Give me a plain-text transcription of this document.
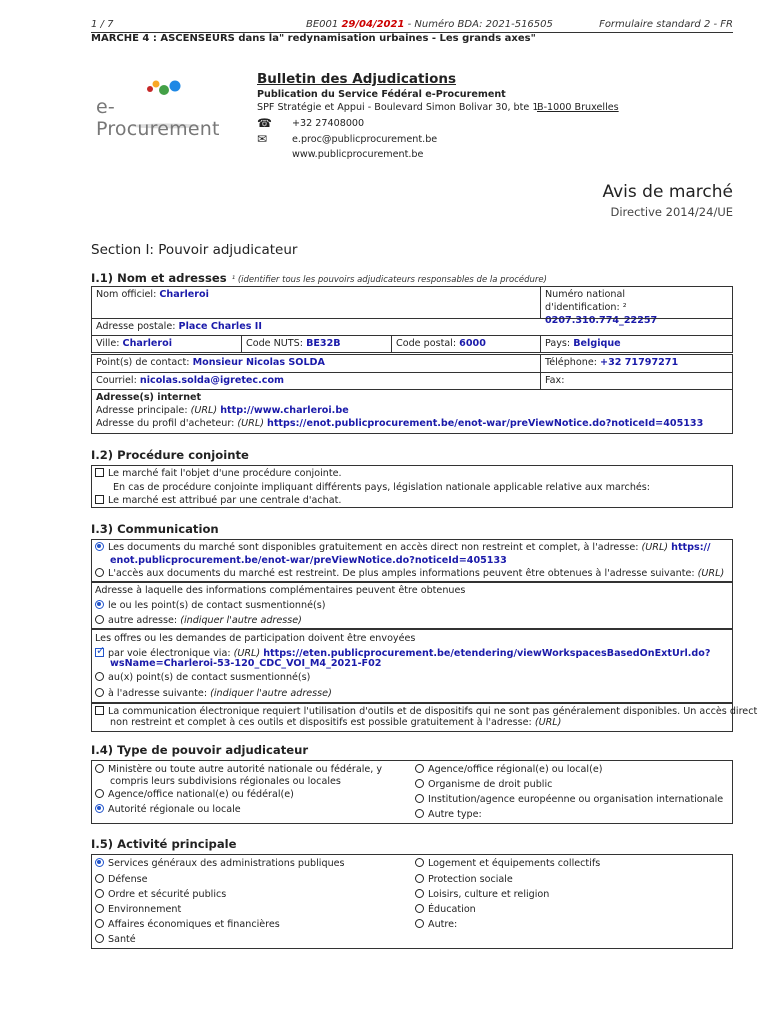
1 / 7	BE001 29/04/2021 - Numéro BDA: 2021-516505	Formulaire standard 2 - FR
MARCHE 4 : ASCENSEURS dans la" redynamisation urbaines - Les grands axes"
e-Procurement
Bulletin des Adjudications
Publication du Service Fédéral e-Procurement
SPF Stratégie et Appui - Boulevard Simon Bolivar 30, bte 1
B-1000 Bruxelles
☎ +32 27408000
✉	e.proc@publicprocurement.be
www.publicprocurement.be
Avis de marché
Directive 2014/24/UE
Section I: Pouvoir adjudicateur
I.1) Nom et adresses ¹ (identifier tous les pouvoirs adjudicateurs responsables de la procédure)
Nom officiel: Charleroi	Numéro national
d'identification: ² 0207.310.774_22257
Adresse postale: Place Charles II
Ville: Charleroi	Code NUTS: BE32B	Code postal: 6000	Pays: Belgique
Point(s) de contact: Monsieur Nicolas SOLDA	Téléphone: +32 71797271
Courriel: nicolas.solda@igretec.com	Fax:
Adresse(s) internet
Adresse principale: (URL) http://www.charleroi.be
Adresse du profil d'acheteur: (URL) https://enot.publicprocurement.be/enot-war/preViewNotice.do?noticeId=405133
I.2) Procédure conjointe
Le marché fait l'objet d'une procédure conjointe.
En cas de procédure conjointe impliquant différents pays, législation nationale applicable relative aux marchés:
Le marché est attribué par une centrale d'achat.
I.3) Communication
Les documents du marché sont disponibles gratuitement en accès direct non restreint et complet, à l'adresse: (URL) https://
enot.publicprocurement.be/enot-war/preViewNotice.do?noticeId=405133
L'accès aux documents du marché est restreint. De plus amples informations peuvent être obtenues à l'adresse suivante: (URL)
Adresse à laquelle des informations complémentaires peuvent être obtenues
le ou les point(s) de contact susmentionné(s)
autre adresse: (indiquer l'autre adresse)
Les offres ou les demandes de participation doivent être envoyées
✓par voie électronique via: (URL) https://eten.publicprocurement.be/etendering/viewWorkspacesBasedOnExtUrl.do?
wsName=Charleroi-53-120_CDC_VOI_M4_2021-F02
au(x) point(s) de contact susmentionné(s)
à l'adresse suivante: (indiquer l'autre adresse)
La communication électronique requiert l'utilisation d'outils et de dispositifs qui ne sont pas généralement disponibles. Un accès direct
non restreint et complet à ces outils et dispositifs est possible gratuitement à l'adresse: (URL)
I.4) Type de pouvoir adjudicateur
Ministère ou toute autre autorité nationale ou fédérale, y
compris leurs subdivisions régionales ou locales
Agence/office national(e) ou fédéral(e)
Autorité régionale ou locale
Agence/office régional(e) ou local(e)
Organisme de droit public
Institution/agence européenne ou organisation internationale
Autre type:
I.5) Activité principale
Services généraux des administrations publiques
Défense
Ordre et sécurité publics
Environnement
Affaires économiques et financières
Santé
Logement et équipements collectifs
Protection sociale
Loisirs, culture et religion
Éducation
Autre:
